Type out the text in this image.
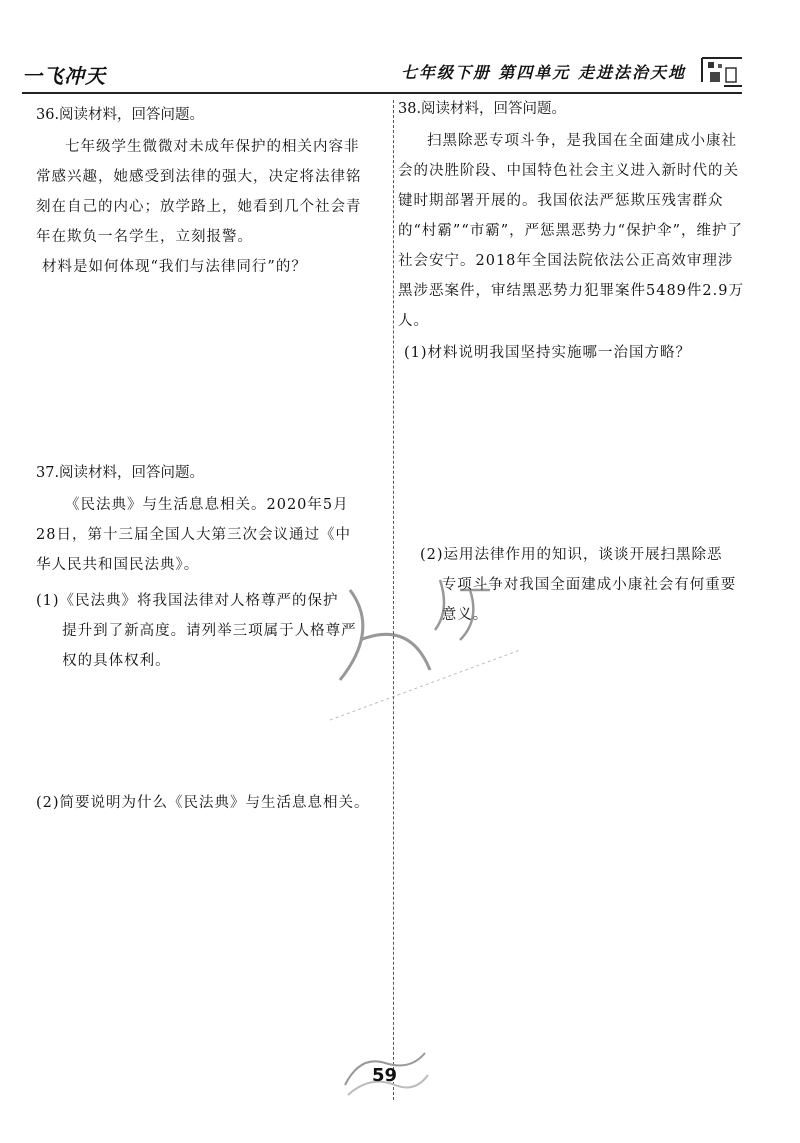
一飞冲天	七年级下册 第四单元 走进法治天地
36.阅读材料，回答问题。

七年级学生微微对未成年保护的相关内容非常感兴趣，她感受到法律的强大，决定将法律铭刻在自己的内心；放学路上，她看到几个社会青年在欺负一名学生，立刻报警。

材料是如何体现“我们与法律同行”的？

37.阅读材料，回答问题。

《民法典》与生活息息相关。2020年5月28日，第十三届全国人大第三次会议通过《中华人民共和国民法典》。

(1)《民法典》将我国法律对人格尊严的保护

提升到了新高度。请列举三项属于人格尊严权的具体权利。

(2)简要说明为什么《民法典》与生活息息相关。

38.阅读材料，回答问题。

扫黑除恶专项斗争，是我国在全面建成小康社会的决胜阶段、中国特色社会主义进入新时代的关键时期部署开展的。我国依法严惩欺压残害群众的“村霸”“市霸”，严惩黑恶势力“保护伞”，维护了社会安宁。2018年全国法院依法公正高效审理涉黑涉恶案件，审结黑恶势力犯罪案件5489件2.9万人。

(1)材料说明我国坚持实施哪一治国方略？

(2)运用法律作用的知识，谈谈开展扫黑除恶

专项斗争对我国全面建成小康社会有何重要意义。

59
